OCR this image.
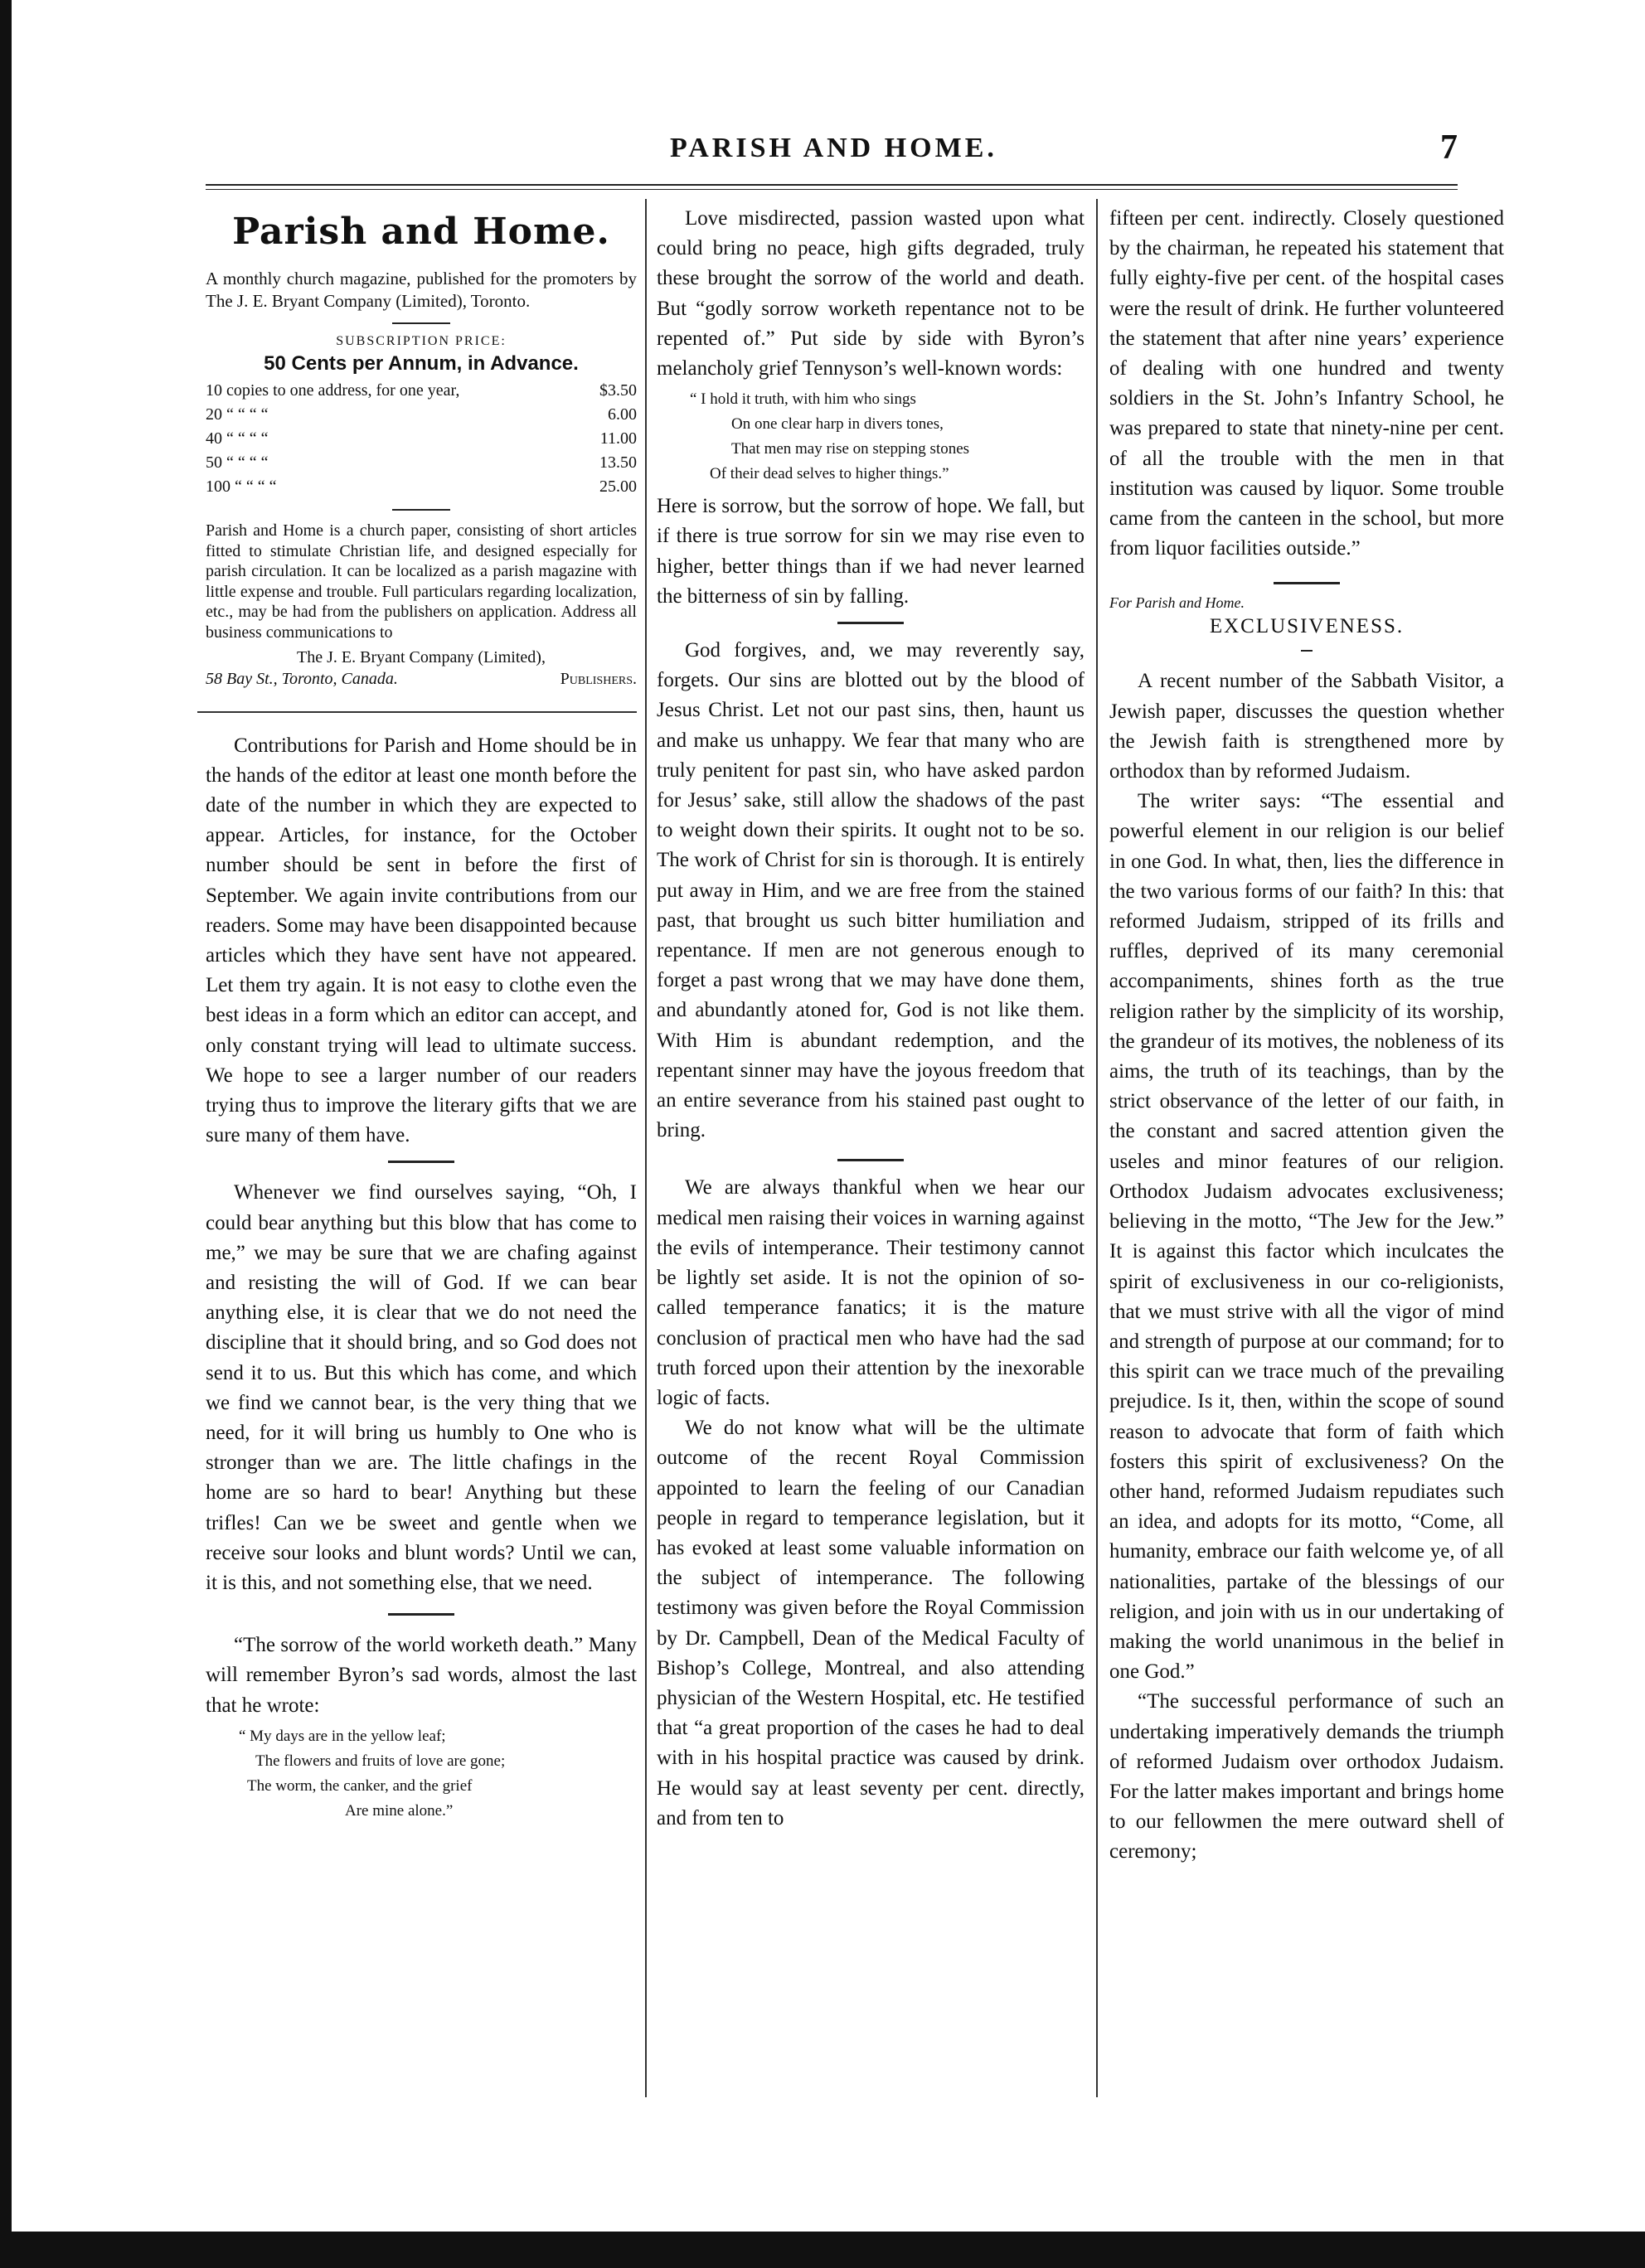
PARISH AND HOME.	7
Parish and Home.

A monthly church magazine, published for the promoters by The J. E. Bryant Company (Limited), Toronto.

SUBSCRIPTION PRICE:
50 Cents per Annum, in Advance.
10 copies to one address, for one year,	$3.50
20 “ “ “ “	6.00
40 “ “ “ “	11.00
50 “ “ “ “	13.50
100 “ “ “ “	25.00

Parish and Home is a church paper, consisting of short articles fitted to stimulate Christian life, and designed especially for parish circulation. It can be localized as a parish magazine with little expense and trouble. Full particulars regarding localization, etc., may be had from the publishers on application. Address all business communications to

The J. E. Bryant Company (Limited),

58 Bay St., Toronto, Canada.	Publishers.

Contributions for Parish and Home should be in the hands of the editor at least one month before the date of the number in which they are expected to appear. Articles, for instance, for the October number should be sent in before the first of September. We again invite contributions from our readers. Some may have been disappointed because articles which they have sent have not appeared. Let them try again. It is not easy to clothe even the best ideas in a form which an editor can accept, and only constant trying will lead to ultimate success. We hope to see a larger number of our readers trying thus to improve the literary gifts that we are sure many of them have.

Whenever we find ourselves saying, “Oh, I could bear anything but this blow that has come to me,” we may be sure that we are chafing against and resisting the will of God. If we can bear anything else, it is clear that we do not need the discipline that it should bring, and so God does not send it to us. But this which has come, and which we find we cannot bear, is the very thing that we need, for it will bring us humbly to One who is stronger than we are. The little chafings in the home are so hard to bear! Anything but these trifles! Can we be sweet and gentle when we receive sour looks and blunt words? Until we can, it is this, and not something else, that we need.

“The sorrow of the world worketh death.” Many will remember Byron’s sad words, almost the last that he wrote:

“ My days are in the yellow leaf;
The flowers and fruits of love are gone;
The worm, the canker, and the grief
Are mine alone.”

Love misdirected, passion wasted upon what could bring no peace, high gifts degraded, truly these brought the sorrow of the world and death. But “godly sorrow worketh repentance not to be repented of.” Put side by side with Byron’s melancholy grief Tennyson’s well-known words:

“ I hold it truth, with him who sings
On one clear harp in divers tones,
That men may rise on stepping stones
Of their dead selves to higher things.”

Here is sorrow, but the sorrow of hope. We fall, but if there is true sorrow for sin we may rise even to higher, better things than if we had never learned the bitterness of sin by falling.

God forgives, and, we may reverently say, forgets. Our sins are blotted out by the blood of Jesus Christ. Let not our past sins, then, haunt us and make us unhappy. We fear that many who are truly penitent for past sin, who have asked pardon for Jesus’ sake, still allow the shadows of the past to weight down their spirits. It ought not to be so. The work of Christ for sin is thorough. It is entirely put away in Him, and we are free from the stained past, that brought us such bitter humiliation and repentance. If men are not generous enough to forget a past wrong that we may have done them, and abundantly atoned for, God is not like them. With Him is abundant redemption, and the repentant sinner may have the joyous freedom that an entire severance from his stained past ought to bring.

We are always thankful when we hear our medical men raising their voices in warning against the evils of intemperance. Their testimony cannot be lightly set aside. It is not the opinion of so-called temperance fanatics; it is the mature conclusion of practical men who have had the sad truth forced upon their attention by the inexorable logic of facts.

We do not know what will be the ultimate outcome of the recent Royal Commission appointed to learn the feeling of our Canadian people in regard to temperance legislation, but it has evoked at least some valuable information on the subject of intemperance. The following testimony was given before the Royal Commission by Dr. Campbell, Dean of the Medical Faculty of Bishop’s College, Montreal, and also attending physician of the Western Hospital, etc. He testified that “a great proportion of the cases he had to deal with in his hospital practice was caused by drink. He would say at least seventy per cent. directly, and from ten to

fifteen per cent. indirectly. Closely questioned by the chairman, he repeated his statement that fully eighty-five per cent. of the hospital cases were the result of drink. He further volunteered the statement that after nine years’ experience of dealing with one hundred and twenty soldiers in the St. John’s Infantry School, he was prepared to state that ninety-nine per cent. of all the trouble with the men in that institution was caused by liquor. Some trouble came from the canteen in the school, but more from liquor facilities outside.”

For Parish and Home.
EXCLUSIVENESS.

A recent number of the Sabbath Visitor, a Jewish paper, discusses the question whether the Jewish faith is strengthened more by orthodox than by reformed Judaism.

The writer says: “The essential and powerful element in our religion is our belief in one God. In what, then, lies the difference in the two various forms of our faith? In this: that reformed Judaism, stripped of its frills and ruffles, deprived of its many ceremonial accompaniments, shines forth as the true religion rather by the simplicity of its worship, the grandeur of its motives, the nobleness of its aims, the truth of its teachings, than by the strict observance of the letter of our faith, in the constant and sacred attention given the useles and minor features of our religion. Orthodox Judaism advocates exclusiveness; believing in the motto, “The Jew for the Jew.” It is against this factor which inculcates the spirit of exclusiveness in our co-religionists, that we must strive with all the vigor of mind and strength of purpose at our command; for to this spirit can we trace much of the prevailing prejudice. Is it, then, within the scope of sound reason to advocate that form of faith which fosters this spirit of exclusiveness? On the other hand, reformed Judaism repudiates such an idea, and adopts for its motto, “Come, all humanity, embrace our faith welcome ye, of all nationalities, partake of the blessings of our religion, and join with us in our undertaking of making the world unanimous in the belief in one God.”

“The successful performance of such an undertaking imperatively demands the triumph of reformed Judaism over orthodox Judaism. For the latter makes important and brings home to our fellowmen the mere outward shell of ceremony;
